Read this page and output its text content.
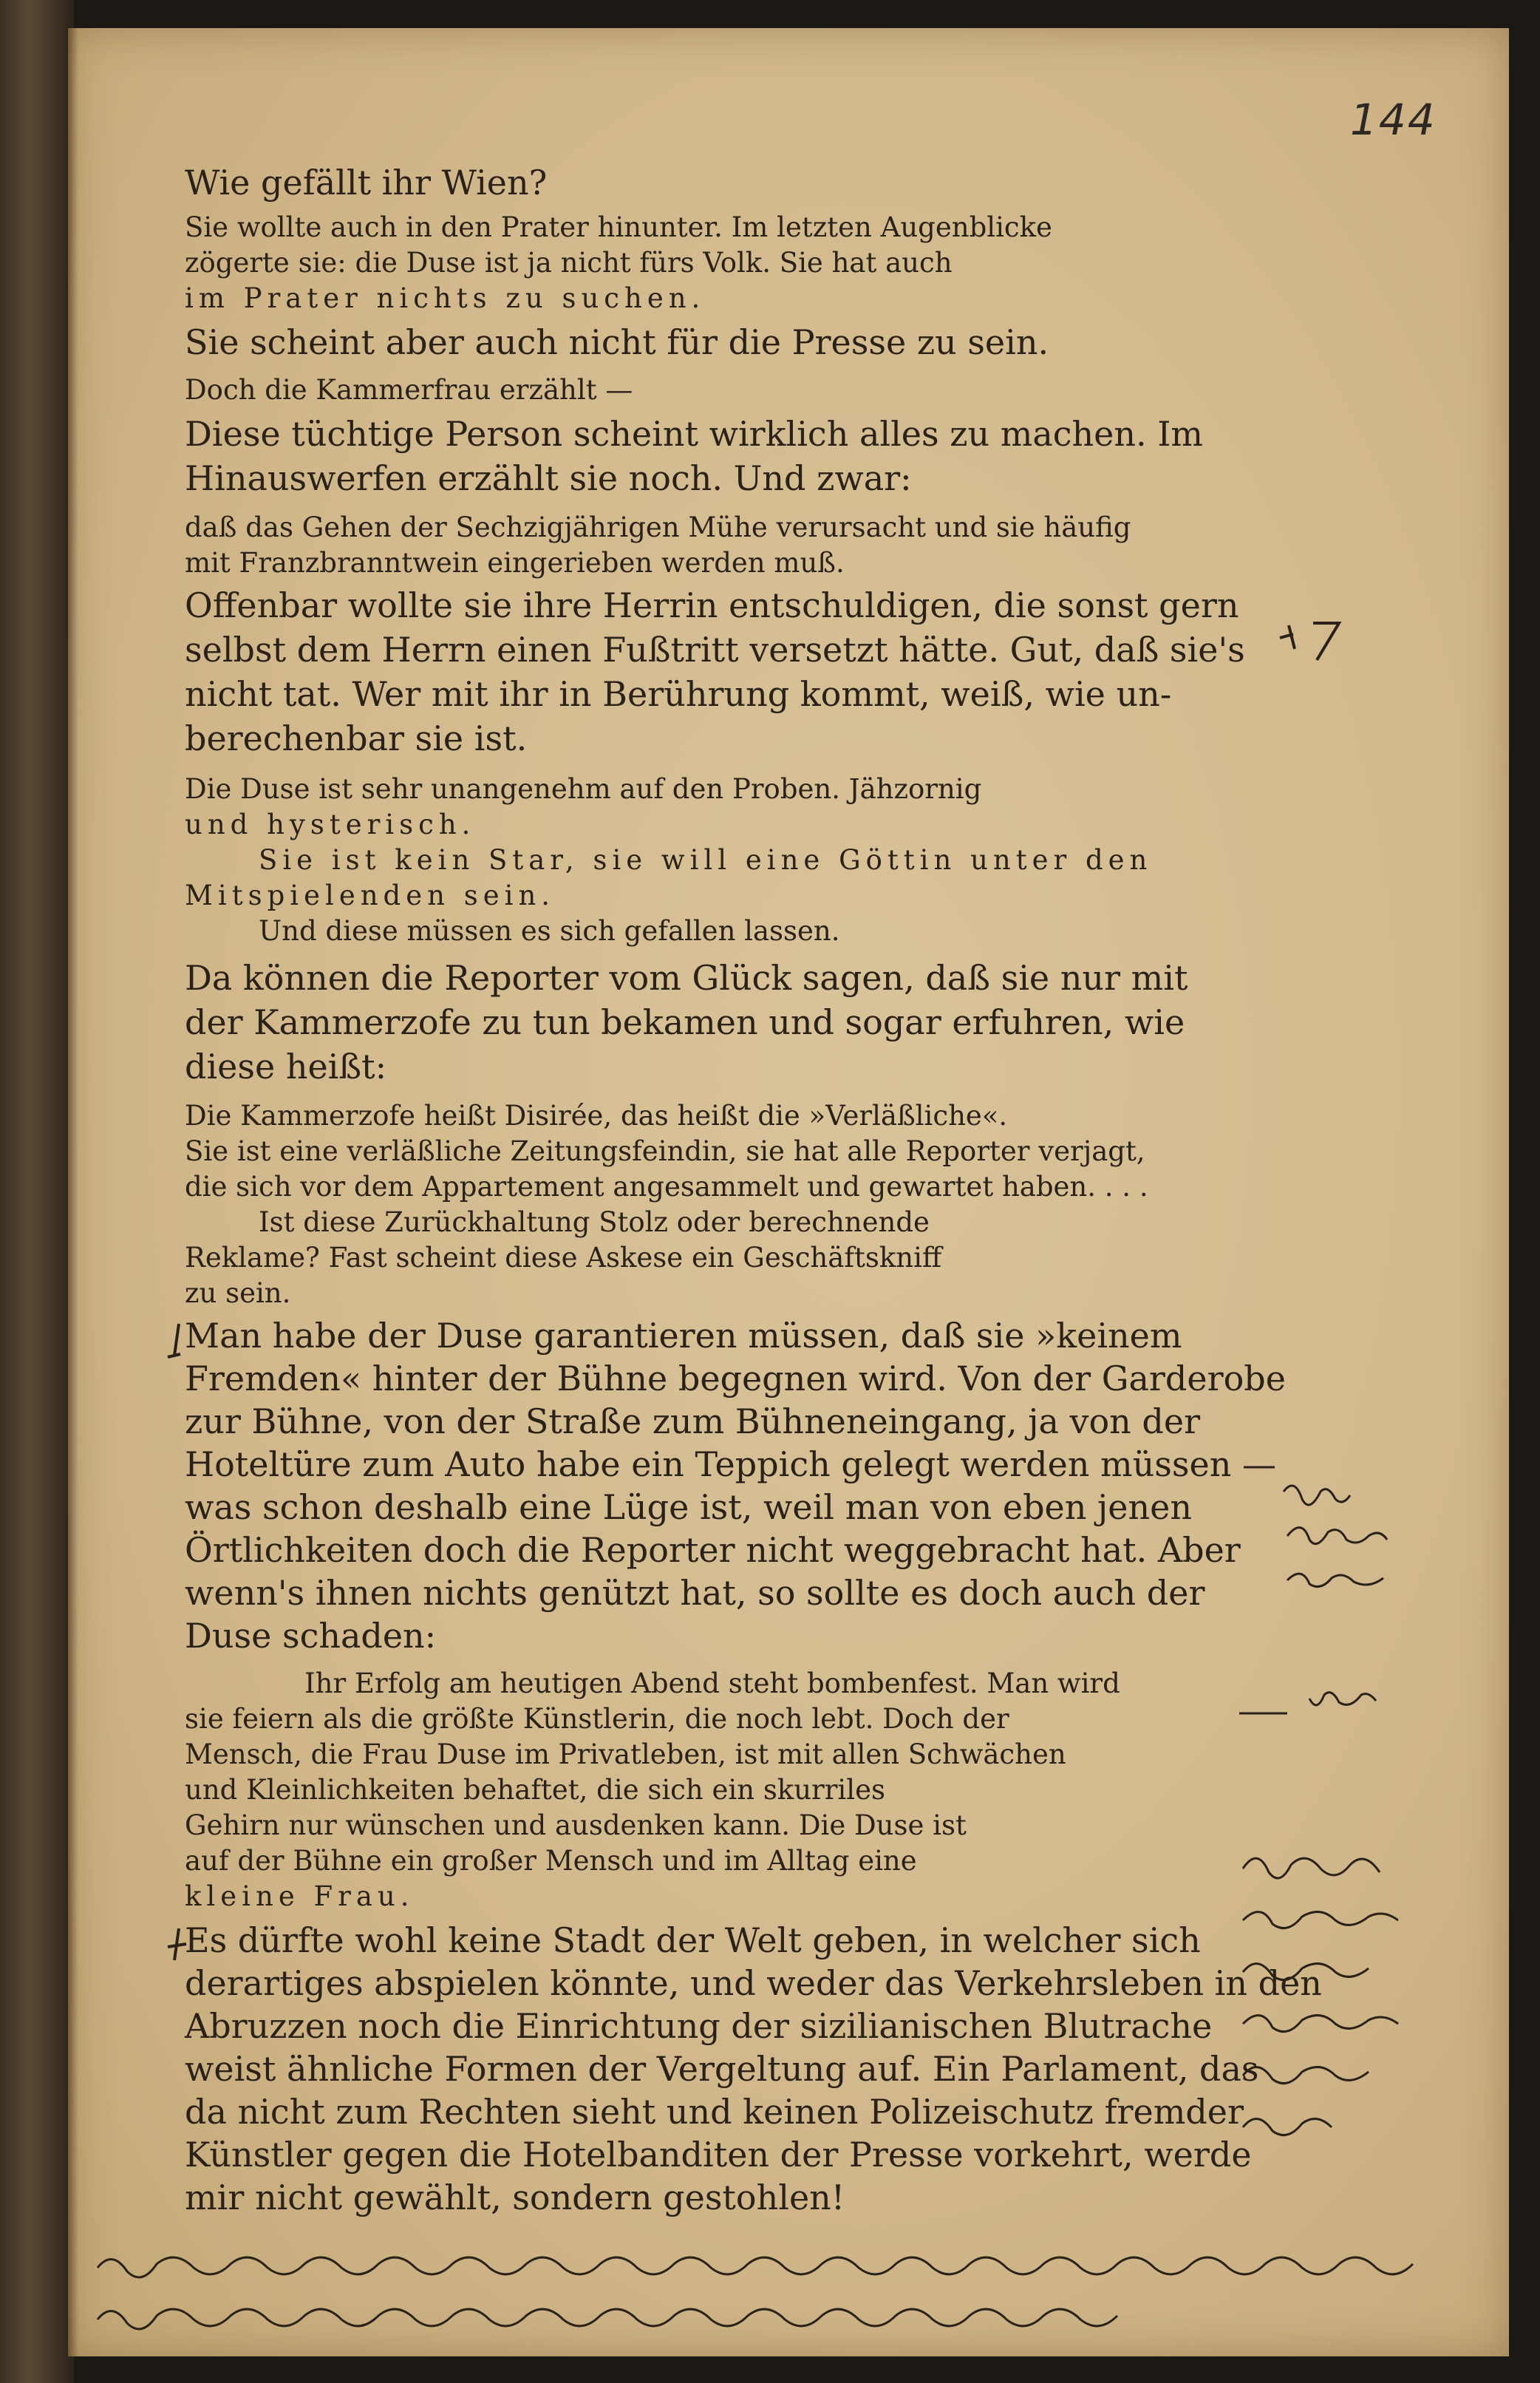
144

Wie gefällt ihr Wien?

Sie wollte auch in den Prater hinunter. Im letzten Augenblicke

zögerte sie: die Duse ist ja nicht fürs Volk. Sie hat auch

im Prater nichts zu suchen.

Sie scheint aber auch nicht für die Presse zu sein.

Doch die Kammerfrau erzählt —

Diese tüchtige Person scheint wirklich alles zu machen. Im

Hinauswerfen erzählt sie noch. Und zwar:

daß das Gehen der Sechzigjährigen Mühe verursacht und sie häufig

mit Franzbranntwein eingerieben werden muß.

Offenbar wollte sie ihre Herrin entschuldigen, die sonst gern

selbst dem Herrn einen Fußtritt versetzt hätte. Gut, daß sie's

nicht tat. Wer mit ihr in Berührung kommt, weiß, wie un-

berechenbar sie ist.

Die Duse ist sehr unangenehm auf den Proben. Jähzornig

und hysterisch.

Sie ist kein Star, sie will eine Göttin unter den

Mitspielenden sein.

Und diese müssen es sich gefallen lassen.

Da können die Reporter vom Glück sagen, daß sie nur mit

der Kammerzofe zu tun bekamen und sogar erfuhren, wie

diese heißt:

Die Kammerzofe heißt Disirée, das heißt die »Verläßliche«.

Sie ist eine verläßliche Zeitungsfeindin, sie hat alle Reporter verjagt,

die sich vor dem Appartement angesammelt und gewartet haben. . . .

Ist diese Zurückhaltung Stolz oder berechnende

Reklame? Fast scheint diese Askese ein Geschäftskniff

zu sein.

Man habe der Duse garantieren müssen, daß sie »keinem

Fremden« hinter der Bühne begegnen wird. Von der Garderobe

zur Bühne, von der Straße zum Bühneneingang, ja von der

Hoteltüre zum Auto habe ein Teppich gelegt werden müssen —

was schon deshalb eine Lüge ist, weil man von eben jenen

Örtlichkeiten doch die Reporter nicht weggebracht hat. Aber

wenn's ihnen nichts genützt hat, so sollte es doch auch der

Duse schaden:

Ihr Erfolg am heutigen Abend steht bombenfest. Man wird

sie feiern als die größte Künstlerin, die noch lebt. Doch der

Mensch, die Frau Duse im Privatleben, ist mit allen Schwächen

und Kleinlichkeiten behaftet, die sich ein skurriles

Gehirn nur wünschen und ausdenken kann. Die Duse ist

auf der Bühne ein großer Mensch und im Alltag eine

kleine Frau.

Es dürfte wohl keine Stadt der Welt geben, in welcher sich

derartiges abspielen könnte, und weder das Verkehrsleben in den

Abruzzen noch die Einrichtung der sizilianischen Blutrache

weist ähnliche Formen der Vergeltung auf. Ein Parlament, das

da nicht zum Rechten sieht und keinen Polizeischutz fremder

Künstler gegen die Hotelbanditen der Presse vorkehrt, werde

mir nicht gewählt, sondern gestohlen!
